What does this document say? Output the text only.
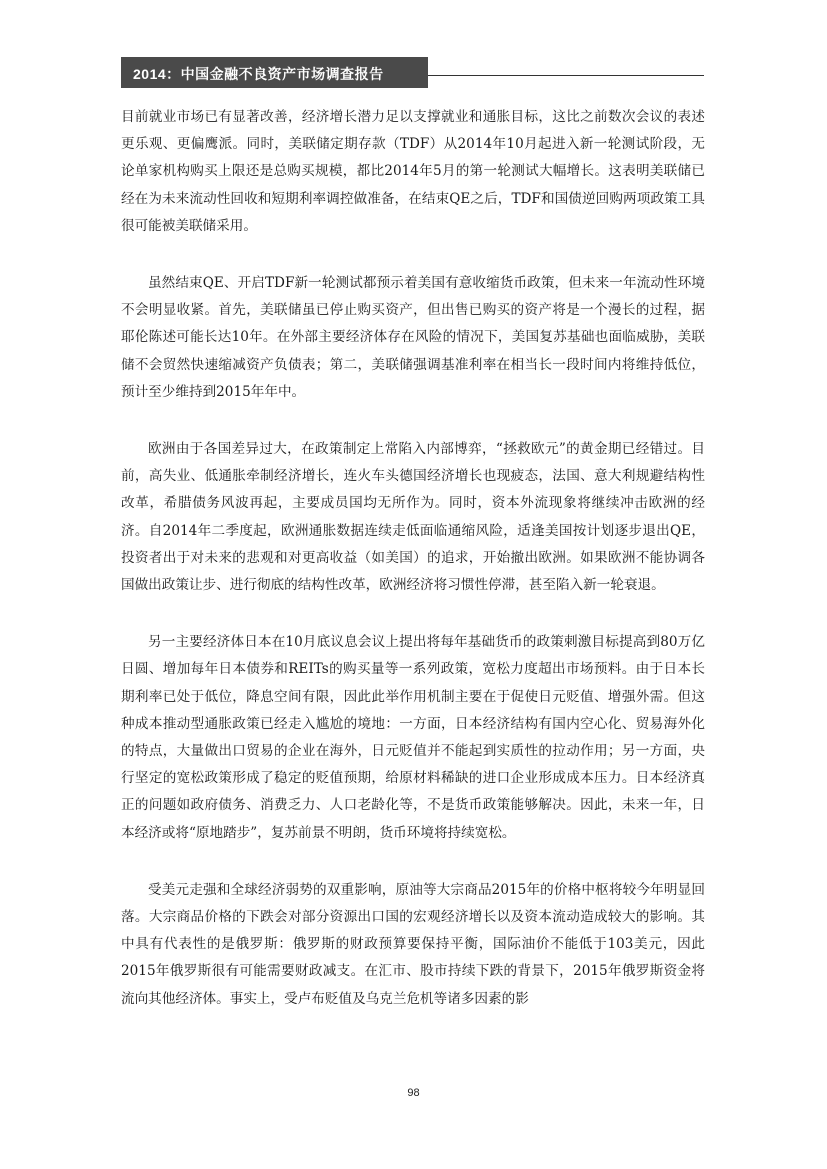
2014：中国金融不良资产市场调查报告

目前就业市场已有显著改善，经济增长潜力足以支撑就业和通胀目标，这比之前数次会议的表述更乐观、更偏鹰派。同时，美联储定期存款（TDF）从2014年10月起进入新一轮测试阶段，无论单家机构购买上限还是总购买规模，都比2014年5月的第一轮测试大幅增长。这表明美联储已经在为未来流动性回收和短期利率调控做准备，在结束QE之后，TDF和国债逆回购两项政策工具很可能被美联储采用。

虽然结束QE、开启TDF新一轮测试都预示着美国有意收缩货币政策，但未来一年流动性环境不会明显收紧。首先，美联储虽已停止购买资产，但出售已购买的资产将是一个漫长的过程，据耶伦陈述可能长达10年。在外部主要经济体存在风险的情况下，美国复苏基础也面临威胁，美联储不会贸然快速缩减资产负债表；第二，美联储强调基准利率在相当长一段时间内将维持低位，预计至少维持到2015年年中。

欧洲由于各国差异过大，在政策制定上常陷入内部博弈，“拯救欧元”的黄金期已经错过。目前，高失业、低通胀牵制经济增长，连火车头德国经济增长也现疲态，法国、意大利规避结构性改革，希腊债务风波再起，主要成员国均无所作为。同时，资本外流现象将继续冲击欧洲的经济。自2014年二季度起，欧洲通胀数据连续走低面临通缩风险，适逢美国按计划逐步退出QE，投资者出于对未来的悲观和对更高收益（如美国）的追求，开始撤出欧洲。如果欧洲不能协调各国做出政策让步、进行彻底的结构性改革，欧洲经济将习惯性停滞，甚至陷入新一轮衰退。

另一主要经济体日本在10月底议息会议上提出将每年基础货币的政策刺激目标提高到80万亿日圆、增加每年日本债券和REITs的购买量等一系列政策，宽松力度超出市场预料。由于日本长期利率已处于低位，降息空间有限，因此此举作用机制主要在于促使日元贬值、增强外需。但这种成本推动型通胀政策已经走入尴尬的境地：一方面，日本经济结构有国内空心化、贸易海外化的特点，大量做出口贸易的企业在海外，日元贬值并不能起到实质性的拉动作用；另一方面，央行坚定的宽松政策形成了稳定的贬值预期，给原材料稀缺的进口企业形成成本压力。日本经济真正的问题如政府债务、消费乏力、人口老龄化等，不是货币政策能够解决。因此，未来一年，日本经济或将“原地踏步”，复苏前景不明朗，货币环境将持续宽松。

受美元走强和全球经济弱势的双重影响，原油等大宗商品2015年的价格中枢将较今年明显回落。大宗商品价格的下跌会对部分资源出口国的宏观经济增长以及资本流动造成较大的影响。其中具有代表性的是俄罗斯：俄罗斯的财政预算要保持平衡，国际油价不能低于103美元，因此2015年俄罗斯很有可能需要财政减支。在汇市、股市持续下跌的背景下，2015年俄罗斯资金将流向其他经济体。事实上，受卢布贬值及乌克兰危机等诸多因素的影

98
